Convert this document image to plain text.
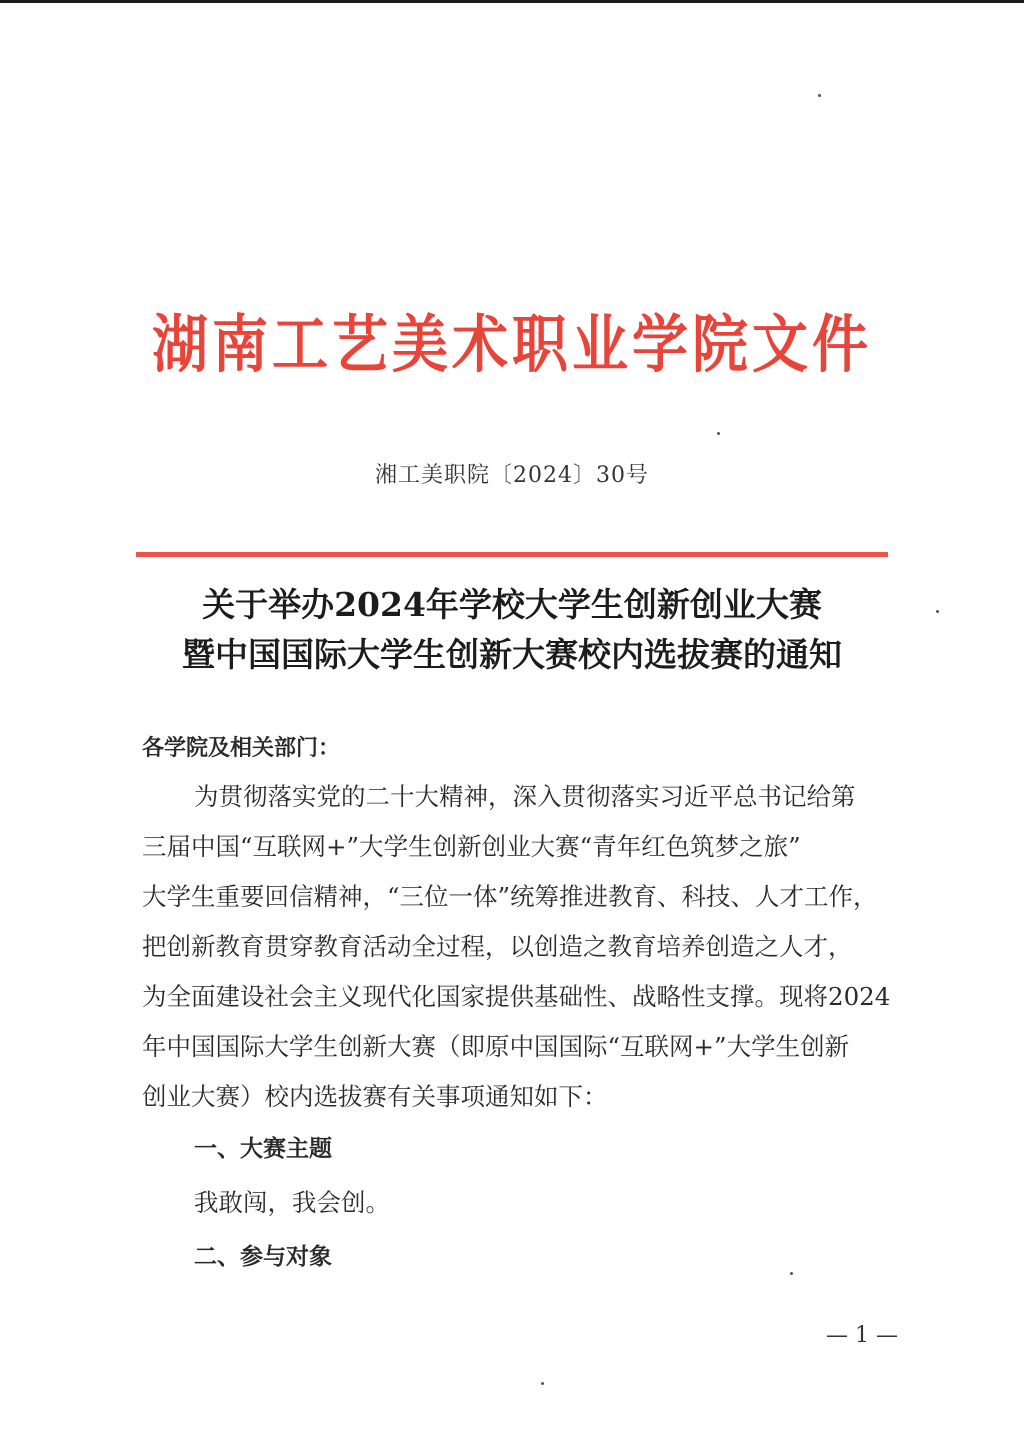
湖南工艺美术职业学院文件
湘工美职院〔2024〕30号
关于举办2024年学校大学生创新创业大赛
暨中国国际大学生创新大赛校内选拔赛的通知
各学院及相关部门：
为贯彻落实党的二十大精神，深入贯彻落实习近平总书记给第
三届中国“互联网+”大学生创新创业大赛“青年红色筑梦之旅”
大学生重要回信精神，“三位一体”统筹推进教育、科技、人才工作，
把创新教育贯穿教育活动全过程，以创造之教育培养创造之人才，
为全面建设社会主义现代化国家提供基础性、战略性支撑。现将2024
年中国国际大学生创新大赛（即原中国国际“互联网+”大学生创新
创业大赛）校内选拔赛有关事项通知如下：
一、大赛主题
我敢闯，我会创。
二、参与对象
— 1 —
